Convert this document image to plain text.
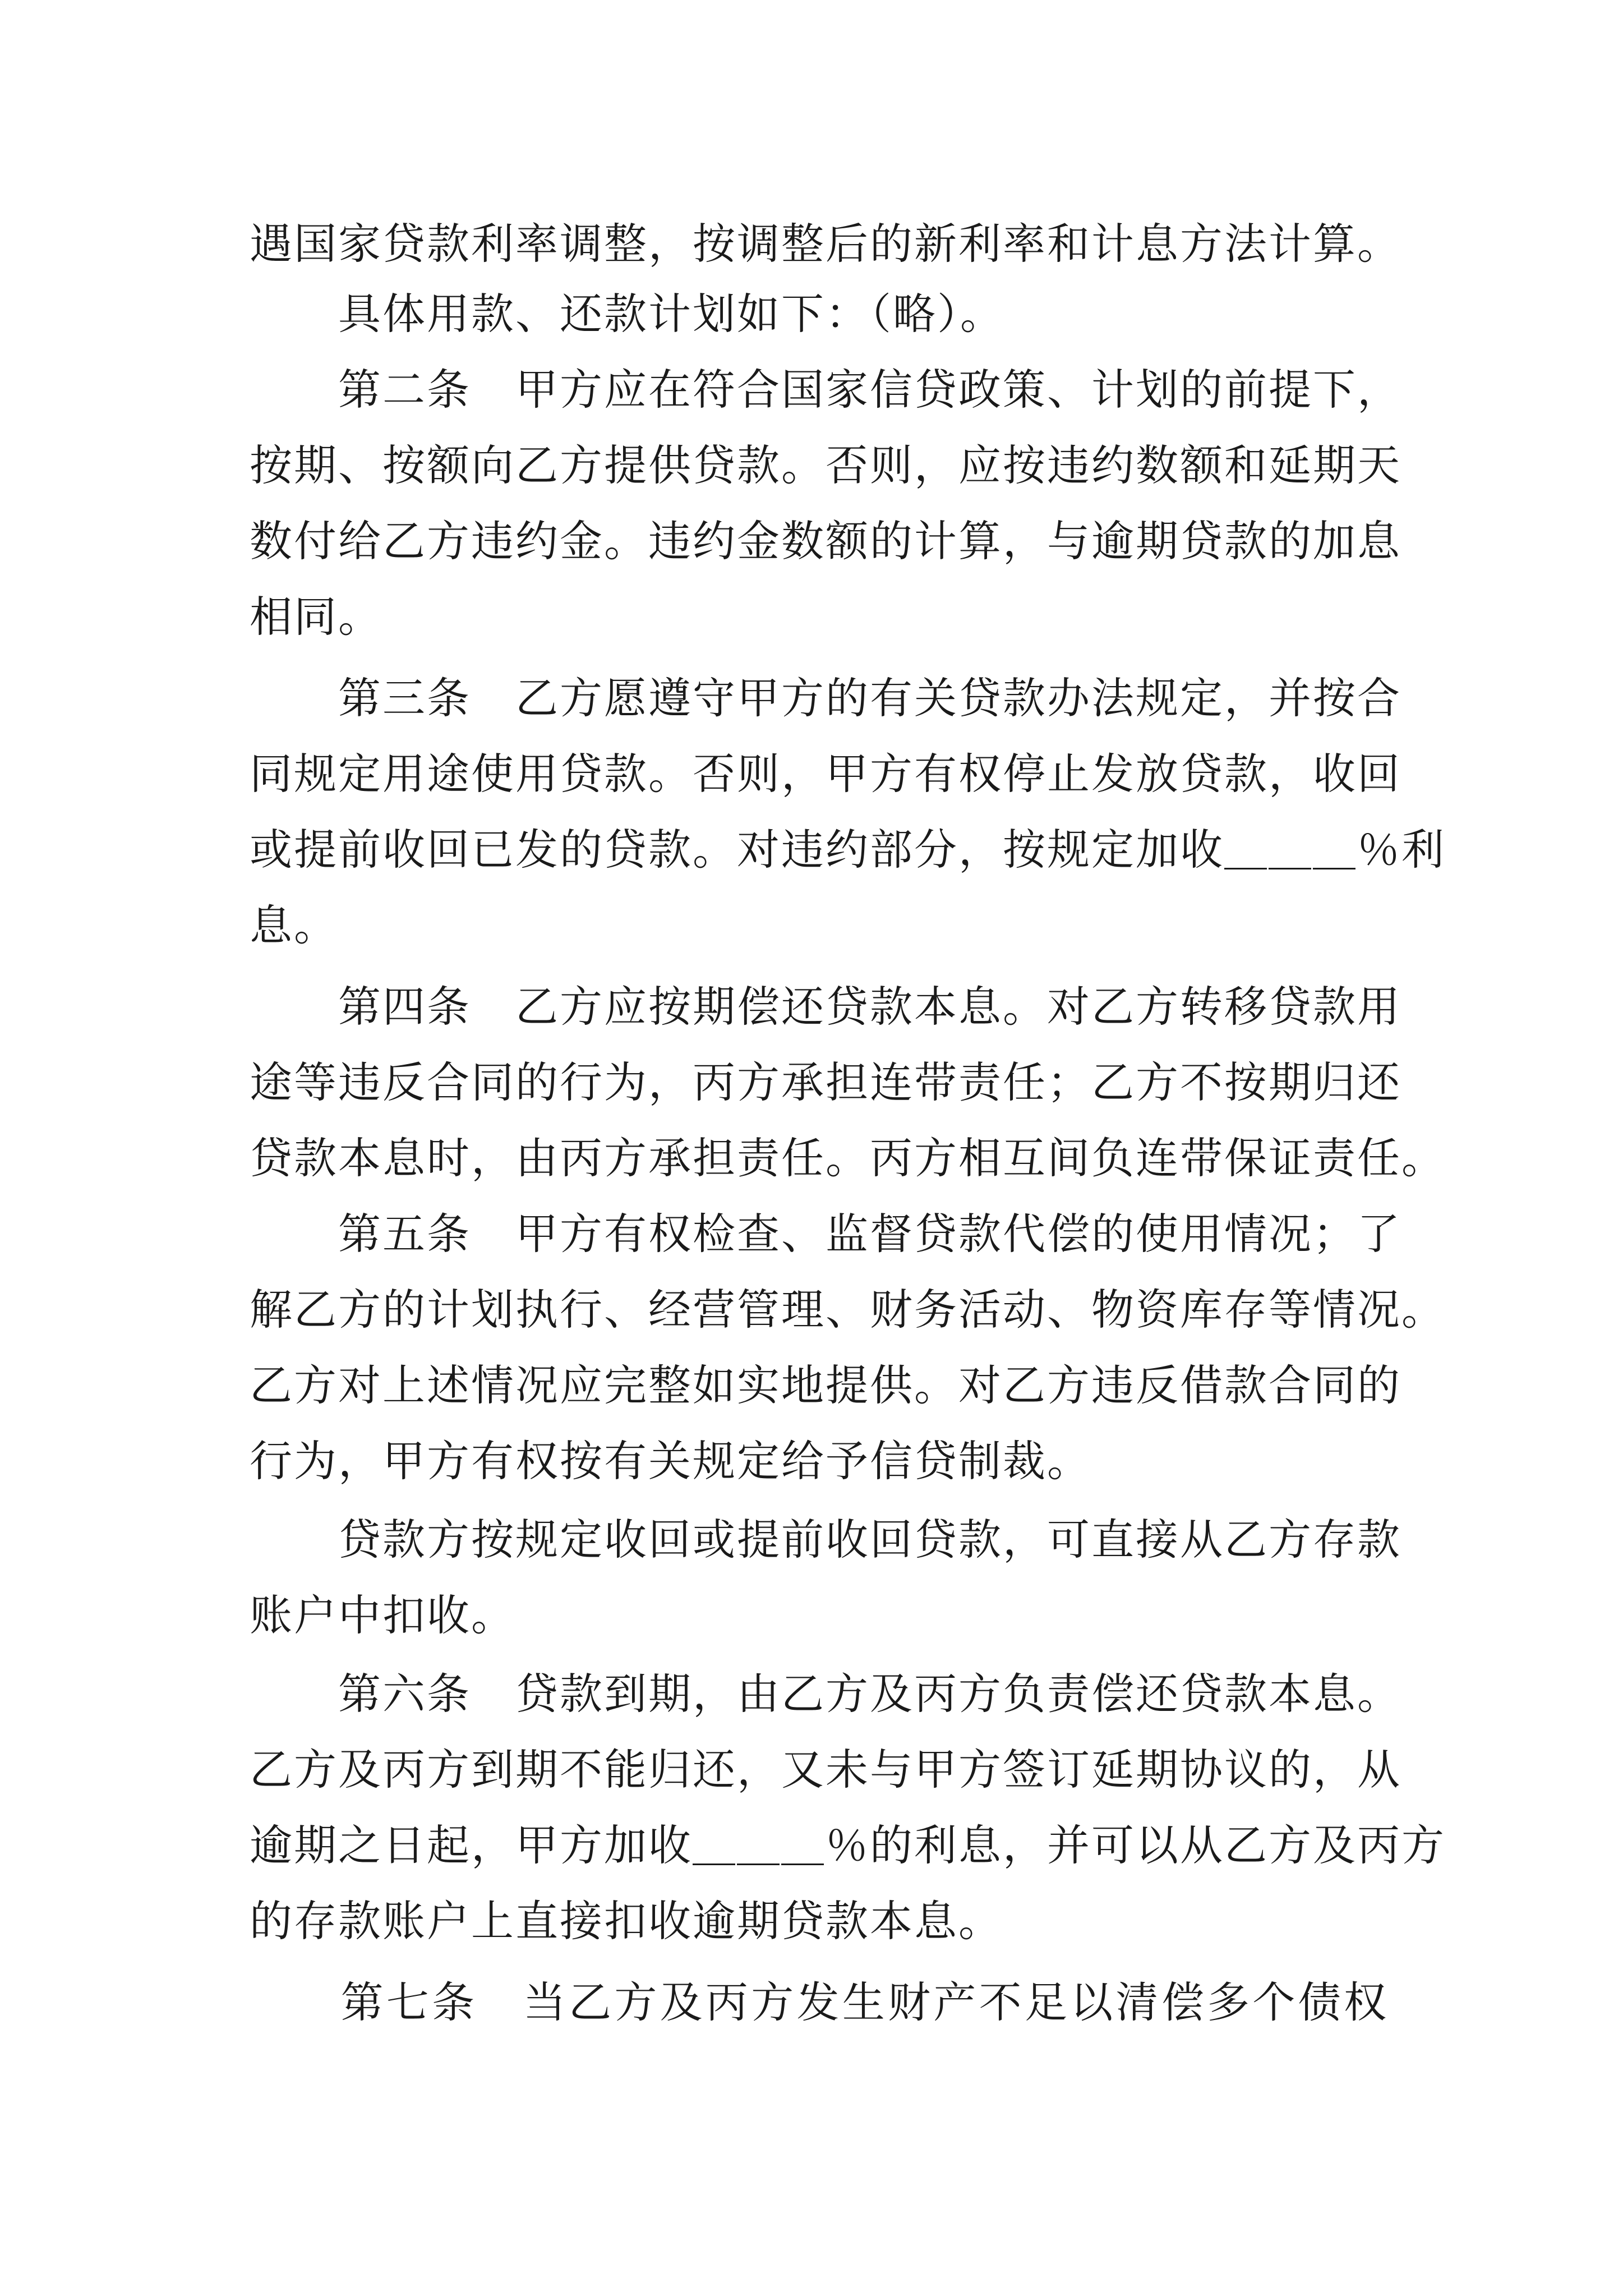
遇国家贷款利率调整，按调整后的新利率和计息方法计算。
　　具体用款、还款计划如下：（略）。
　　第二条　甲方应在符合国家信贷政策、计划的前提下，
按期、按额向乙方提供贷款。否则，应按违约数额和延期天
数付给乙方违约金。违约金数额的计算，与逾期贷款的加息
相同。
　　第三条　乙方愿遵守甲方的有关贷款办法规定，并按合
同规定用途使用贷款。否则，甲方有权停止发放贷款，收回
或提前收回已发的贷款。对违约部分，按规定加收＿＿＿％利
息。
　　第四条　乙方应按期偿还贷款本息。对乙方转移贷款用
途等违反合同的行为，丙方承担连带责任；乙方不按期归还
贷款本息时，由丙方承担责任。丙方相互间负连带保证责任。
　　第五条　甲方有权检查、监督贷款代偿的使用情况；了
解乙方的计划执行、经营管理、财务活动、物资库存等情况。
乙方对上述情况应完整如实地提供。对乙方违反借款合同的
行为，甲方有权按有关规定给予信贷制裁。
　　贷款方按规定收回或提前收回贷款，可直接从乙方存款
账户中扣收。
　　第六条　贷款到期，由乙方及丙方负责偿还贷款本息。
乙方及丙方到期不能归还，又未与甲方签订延期协议的，从
逾期之日起，甲方加收＿＿＿％的利息，并可以从乙方及丙方
的存款账户上直接扣收逾期贷款本息。
　　第七条　当乙方及丙方发生财产不足以清偿多个债权
